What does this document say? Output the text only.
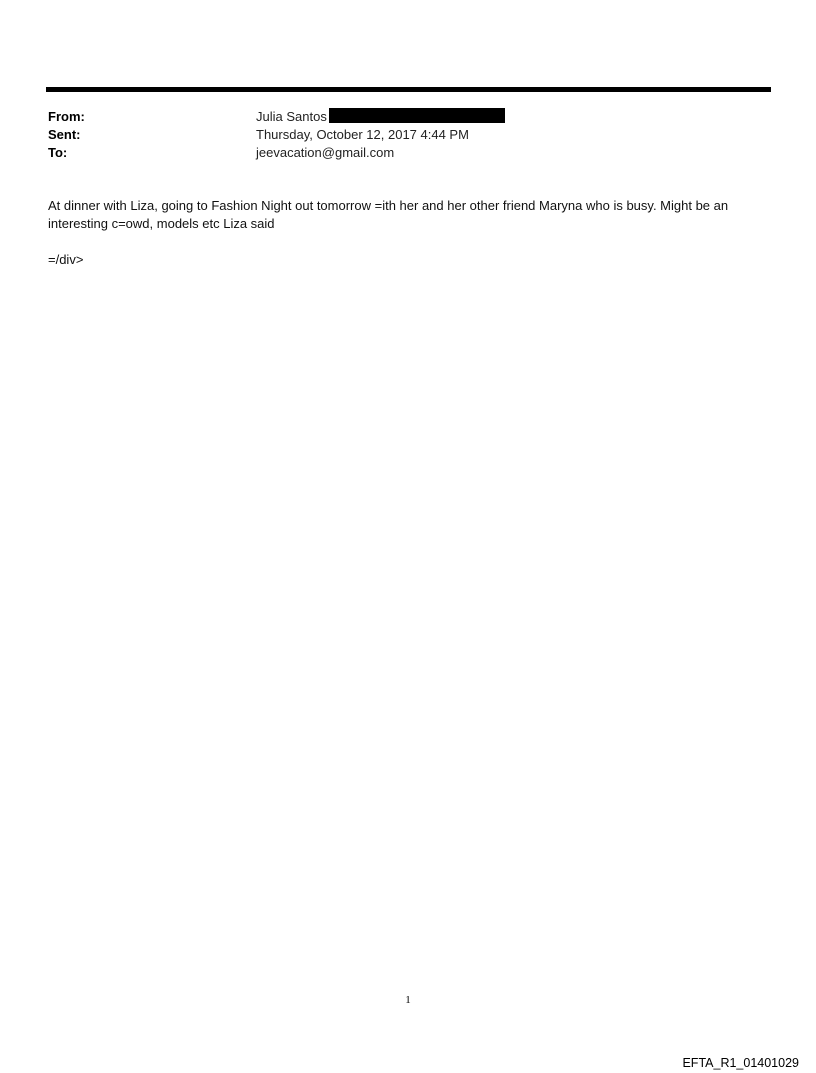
From:	Julia Santos
Sent:	Thursday, October 12, 2017 4:44 PM
To:	jeevacation@gmail.com

At dinner with Liza, going to Fashion Night out tomorrow =ith her and her other friend Maryna who is busy. Might be an interesting c=owd, models etc Liza said

=/div>

1
EFTA_R1_01401029
